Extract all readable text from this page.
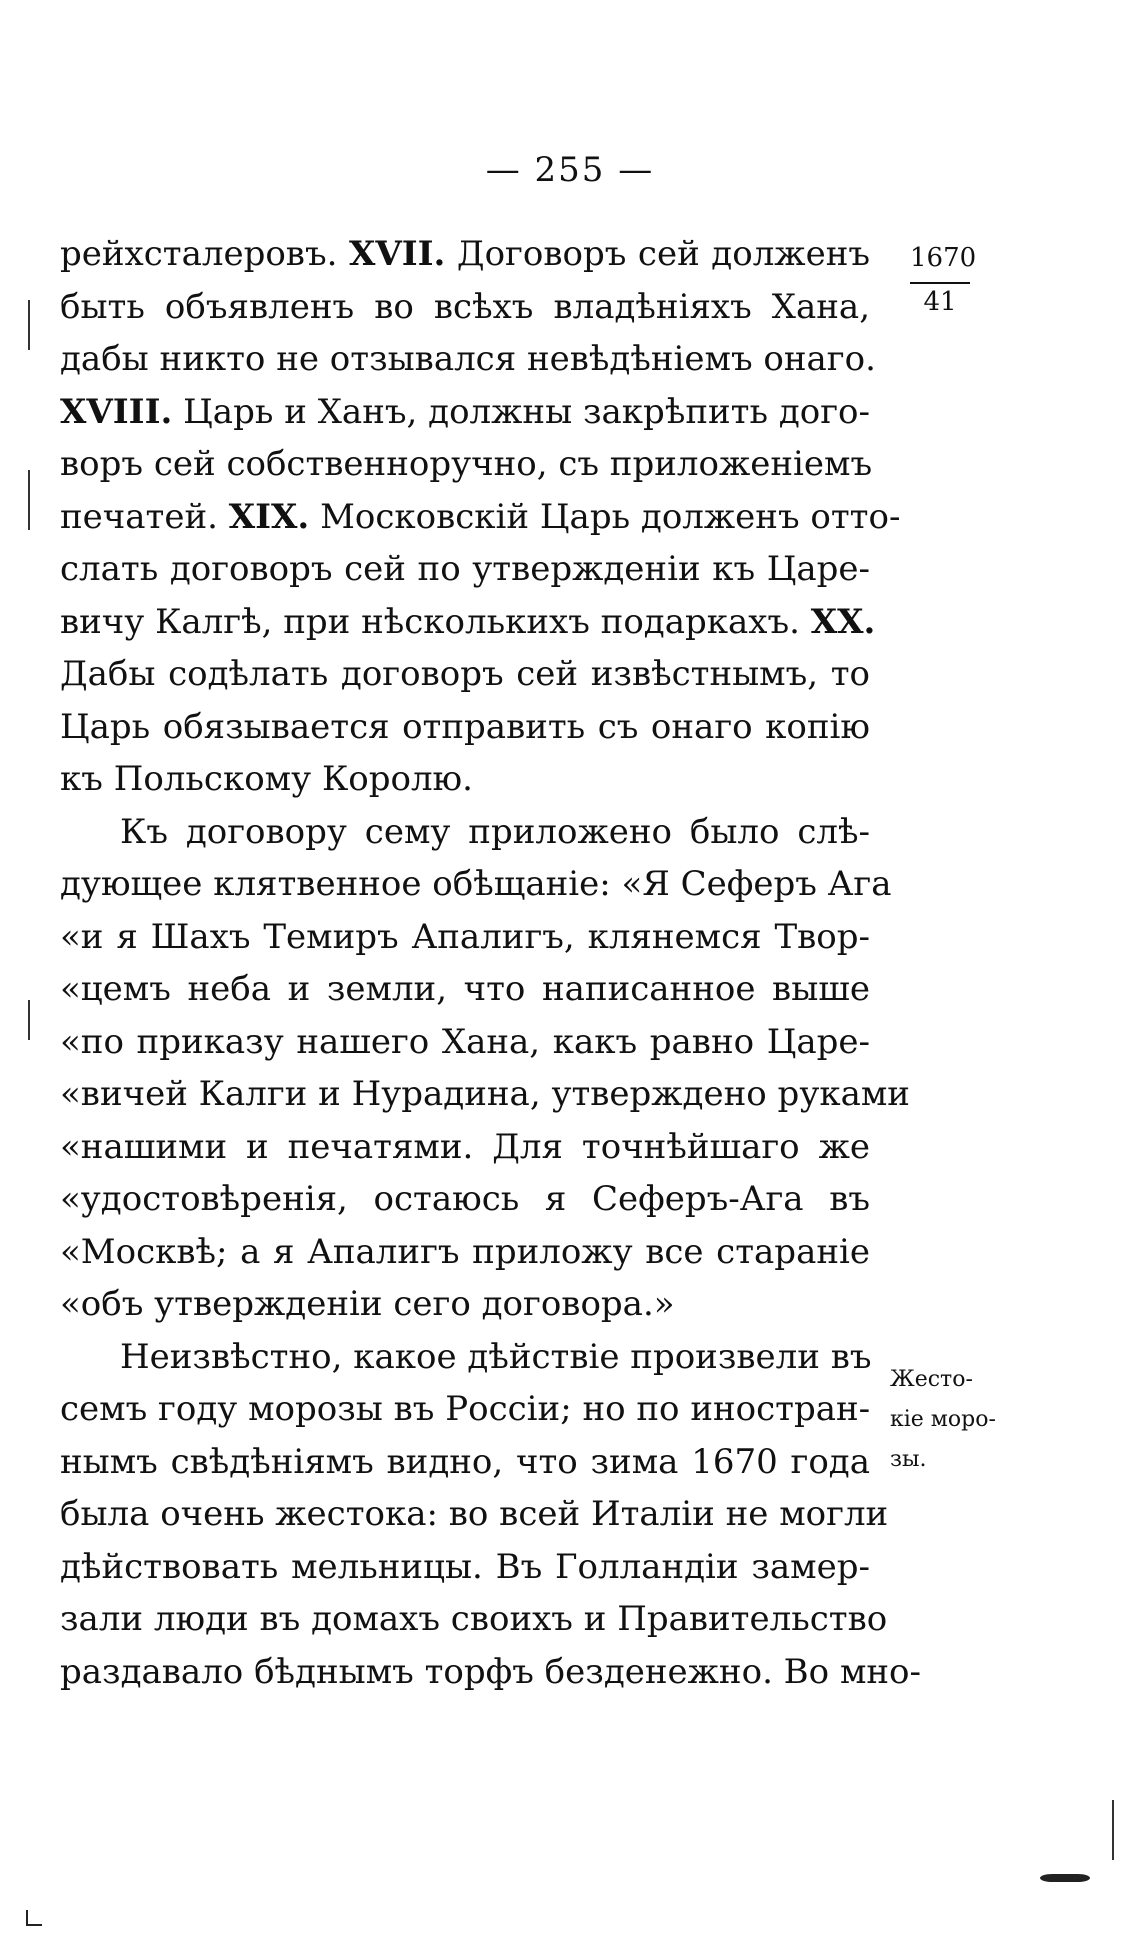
— 255 —
рейхсталеровъ. XVII. Договоръ сей долженъ
быть объявленъ во всѣхъ владѣніяхъ Хана,
дабы никто не отзывался невѣдѣніемъ онаго.
XVIII. Царь и Ханъ, должны закрѣпить дого-
воръ сей собственноручно, съ приложеніемъ
печатей. XIX. Московскій Царь долженъ отто-
слать договоръ сей по утвержденіи къ Царе-
вичу Калгѣ, при нѣсколькихъ подаркахъ. XX.
Дабы содѣлать договоръ сей извѣстнымъ, то
Царь обязывается отправить съ онаго копію
къ Польскому Королю.
Къ договору сему приложено было слѣ-
дующее клятвенное обѣщаніе: «Я Сеферъ Ага
«и я Шахъ Темиръ Апалигъ, клянемся Твор-
«цемъ неба и земли, что написанное выше
«по приказу нашего Хана, какъ равно Царе-
«вичей Калги и Нурадина, утверждено руками
«нашими и печатями. Для точнѣйшаго же
«удостовѣренія, остаюсь я Сеферъ-Ага въ
«Москвѣ; а я Апалигъ приложу все стараніе
«объ утвержденіи сего договора.»
Неизвѣстно, какое дѣйствіе произвели въ
семъ году морозы въ Россіи; но по иностран-
нымъ свѣдѣніямъ видно, что зима 1670 года
была очень жестока: во всей Италіи не могли
дѣйствовать мельницы. Въ Голландіи замер-
зали люди въ домахъ своихъ и Правительство
раздавало бѣднымъ торфъ безденежно. Во мно-
1670
41
Жесто-
кіе моро-
зы.
